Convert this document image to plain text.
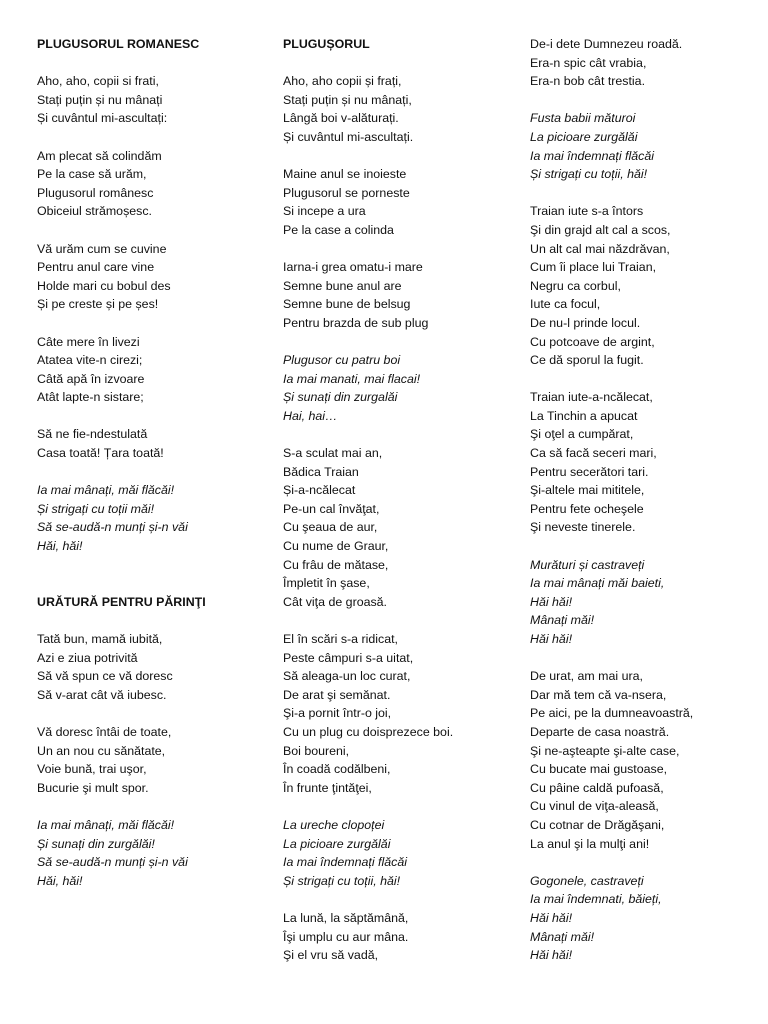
PLUGUSORUL ROMANESC
Aho, aho, copii si frati,
Stați puțin și nu mânați
Și cuvântul mi-ascultați:
Am plecat să colindăm
Pe la case să urăm,
Plugusorul românesc
Obiceiul strămoșesc.
Vă urăm cum se cuvine
Pentru anul care vine
Holde mari cu bobul des
Și pe creste și pe șes!
Câte mere în livezi
Atatea vite-n cirezi;
Câtă apă în izvoare
Atât lapte-n sistare;
Să ne fie-ndestulată
Casa toată! Țara toată!
Ia mai mânați, măi flăcăi!
Și strigați cu toții măi!
Să se-audă-n munți și-n văi
Hăi, hăi!
URĂTURĂ PENTRU PĂRINŢI
Tată bun, mamă iubită,
Azi e ziua potrivită
Să vă spun ce vă doresc
Să v-arat cât vă iubesc.
Vă doresc întâi de toate,
Un an nou cu sănătate,
Voie bună, trai uşor,
Bucurie şi mult spor.
Ia mai mânați, măi flăcăi!
Și sunați din zurgălăi!
Să se-audă-n munți și-n văi
Hăi, hăi!
PLUGUȘORUL
Aho, aho copii și frați,
Stați puțin și nu mânați,
Lângă boi v-alăturați.
Și cuvântul mi-ascultați.
Maine anul se inoieste
Plugusorul se porneste
Si incepe a ura
Pe la case a colinda
Iarna-i grea omatu-i mare
Semne bune anul are
Semne bune de belsug
Pentru brazda de sub plug
Plugusor cu patru boi
Ia mai manati, mai flacai!
Și sunați din zurgalăi
Hai, hai…
S-a sculat mai an,
Bădica Traian
Și-a-ncălecat
Pe-un cal învăţat,
Cu şeaua de aur,
Cu nume de Graur,
Cu frâu de mătase,
Împletit în şase,
Cât viţa de groasă.
El în scări s-a ridicat,
Peste câmpuri s-a uitat,
Să aleagа-un loc curat,
De arat şi semănat.
Şi-a pornit într-o joi,
Cu un plug cu doisprezece boi.
Boi boureni,
În coadă codălbeni,
În frunte ţintăţei,
La ureche clopoței
La picioare zurgălăi
Ia mai îndemnați flăcăi
Și strigați cu toții, hăi!
La lună, la săptămână,
Îşi umplu cu aur mâna.
Şi el vru să vadă,
De-i dete Dumnezeu roadă.
Era-n spic cât vrabia,
Era-n bob cât trestia.
Fusta babii măturoi
La picioare zurgălăi
Ia mai îndemnați flăcăi
Și strigați cu toții, hăi!
Traian iute s-a întors
Şi din grajd alt cal a scos,
Un alt cal mai năzdrăvan,
Cum îi place lui Traian,
Negru ca corbul,
Iute ca focul,
De nu-l prinde locul.
Cu potcoave de argint,
Ce dă sporul la fugit.
Traian iute-a-ncălecat,
La Tinchin a apucat
Şi oţel a cumpărat,
Ca să facă seceri mari,
Pentru secerători tari.
Şi-altele mai mititele,
Pentru fete ocheşele
Şi neveste tinerele.
Murături și castraveți
Ia mai mânați măi baieti,
Hăi hăi!
Mânați măi!
Hăi hăi!
De urat, am mai ura,
Dar mă tem că va-nsera,
Pe aici, pe la dumneavoastră,
Departe de casa noastră.
Şi ne-aşteapte şi-alte case,
Cu bucate mai gustoase,
Cu pâine caldă pufoasă,
Cu vinul de viţa-aleasă,
Cu cotnar de Drăgăşani,
La anul şi la mulţi ani!
Gogonele, castraveți
Ia mai îndemnati, băieți,
Hăi hăi!
Mânați măi!
Hăi hăi!
